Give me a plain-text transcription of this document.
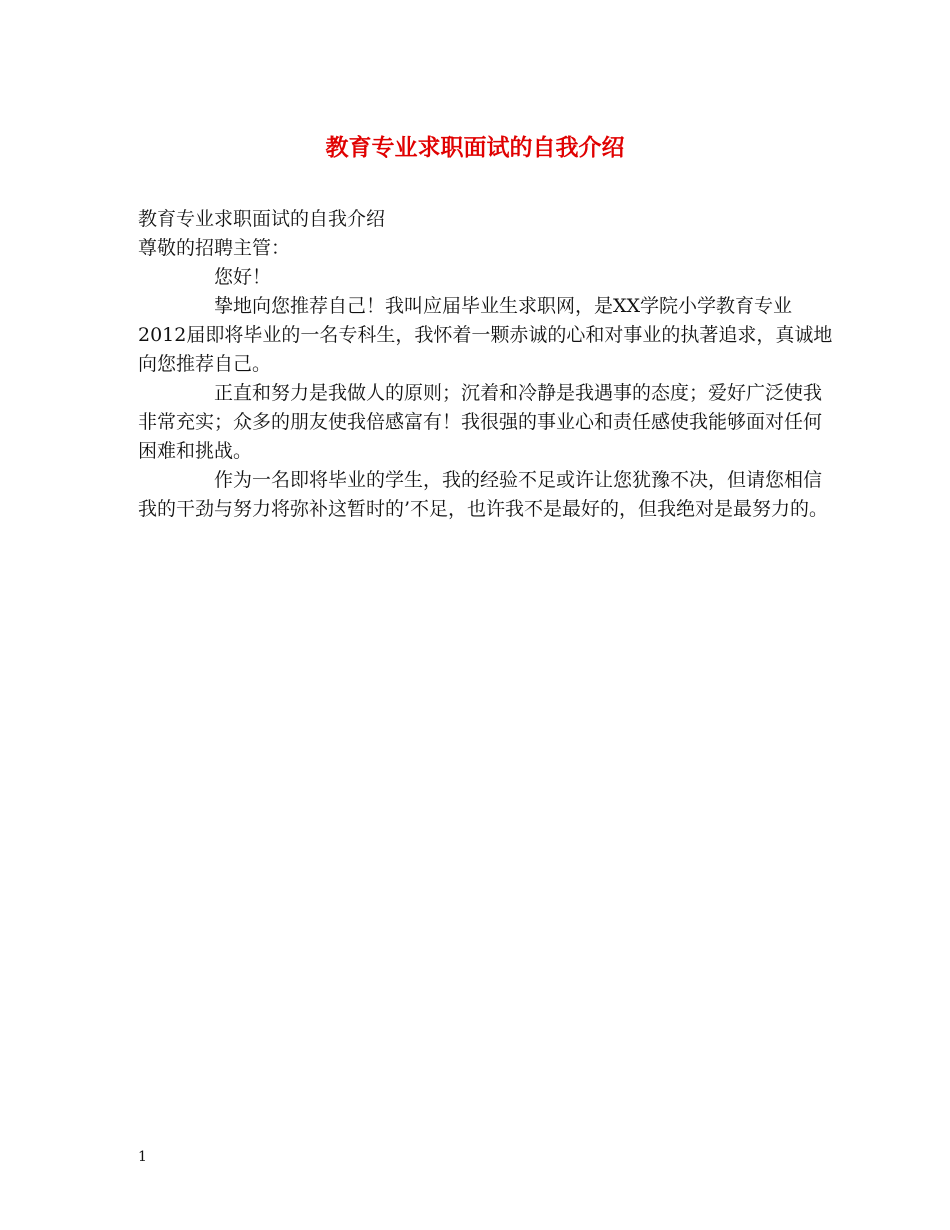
教育专业求职面试的自我介绍

教育专业求职面试的自我介绍

尊敬的招聘主管：

您好！

挚地向您推荐自己！我叫应届毕业生求职网，是XX学院小学教育专业2012届即将毕业的一名专科生，我怀着一颗赤诚的心和对事业的执著追求，真诚地向您推荐自己。

正直和努力是我做人的原则；沉着和冷静是我遇事的态度；爱好广泛使我非常充实；众多的朋友使我倍感富有！我很强的事业心和责任感使我能够面对任何困难和挑战。

作为一名即将毕业的学生，我的经验不足或许让您犹豫不决，但请您相信我的干劲与努力将弥补这暂时的’不足，也许我不是最好的，但我绝对是最努力的。

1
